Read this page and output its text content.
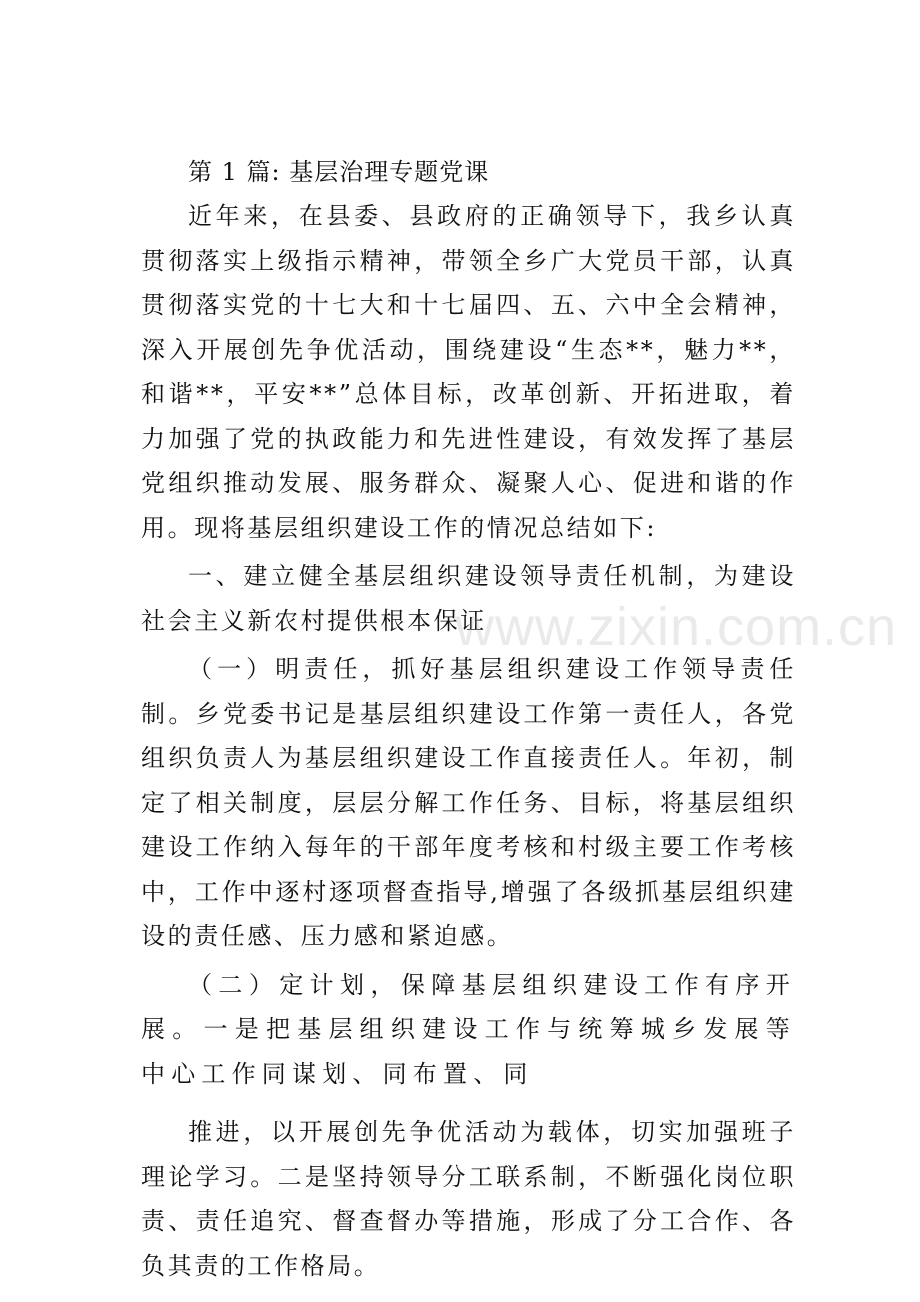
第 1 篇: 基层治理专题党课

近年来，在县委、县政府的正确领导下，我乡认真贯彻落实上级指示精神，带领全乡广大党员干部，认真贯彻落实党的十七大和十七届四、五、六中全会精神，深入开展创先争优活动，围绕建设“生态**，魅力**，和谐**，平安**”总体目标，改革创新、开拓进取，着力加强了党的执政能力和先进性建设，有效发挥了基层党组织推动发展、服务群众、凝聚人心、促进和谐的作用。现将基层组织建设工作的情况总结如下:

一、建立健全基层组织建设领导责任机制，为建设社会主义新农村提供根本保证

（一）明责任，抓好基层组织建设工作领导责任制。乡党委书记是基层组织建设工作第一责任人，各党组织负责人为基层组织建设工作直接责任人。年初，制定了相关制度，层层分解工作任务、目标，将基层组织建设工作纳入每年的干部年度考核和村级主要工作考核中，工作中逐村逐项督查指导,增强了各级抓基层组织建设的责任感、压力感和紧迫感。

（二）定计划，保障基层组织建设工作有序开展。一是把基层组织建设工作与统筹城乡发展等中心工作同谋划、同布置、同

推进，以开展创先争优活动为载体，切实加强班子理论学习。二是坚持领导分工联系制，不断强化岗位职责、责任追究、督查督办等措施，形成了分工合作、各负其责的工作格局。

www.zixin.com.cn
